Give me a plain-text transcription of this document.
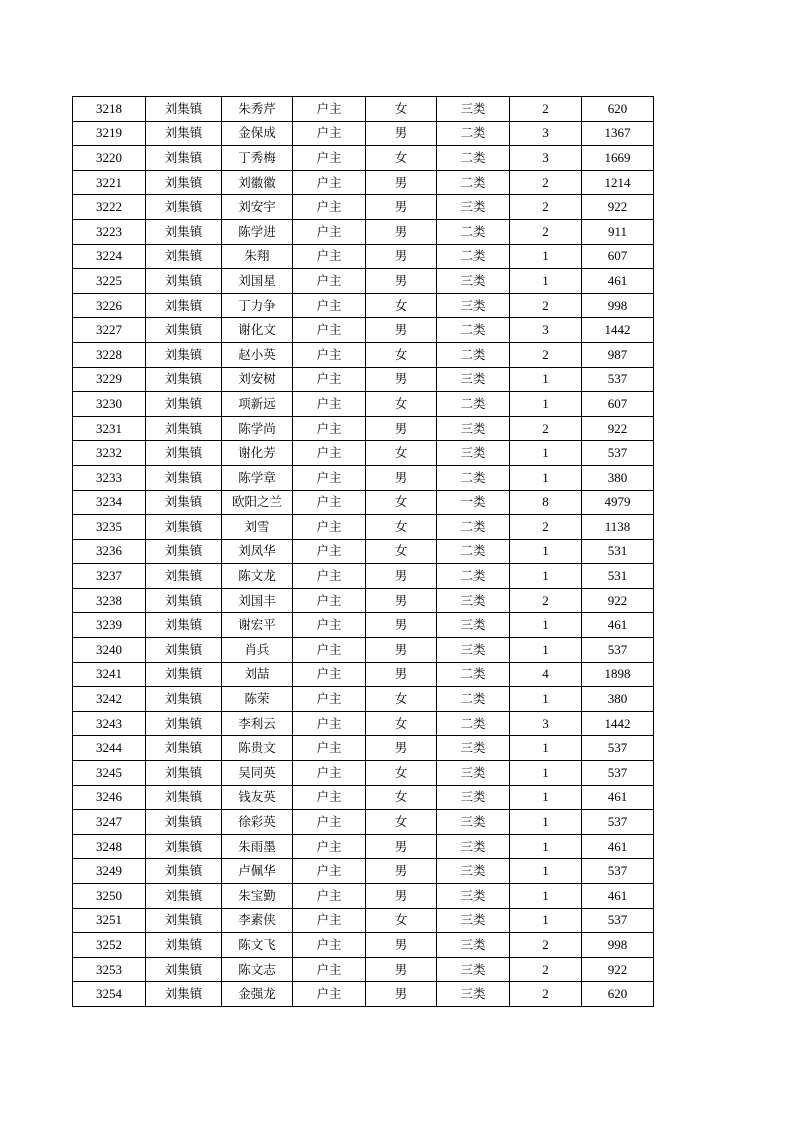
3218	刘集镇	朱秀芹	户主	女	三类	2	620
3219	刘集镇	金保成	户主	男	二类	3	1367
3220	刘集镇	丁秀梅	户主	女	二类	3	1669
3221	刘集镇	刘徽徽	户主	男	二类	2	1214
3222	刘集镇	刘安宇	户主	男	三类	2	922
3223	刘集镇	陈学进	户主	男	二类	2	911
3224	刘集镇	朱翔	户主	男	二类	1	607
3225	刘集镇	刘国星	户主	男	三类	1	461
3226	刘集镇	丁力争	户主	女	三类	2	998
3227	刘集镇	谢化文	户主	男	二类	3	1442
3228	刘集镇	赵小英	户主	女	二类	2	987
3229	刘集镇	刘安树	户主	男	三类	1	537
3230	刘集镇	项新远	户主	女	二类	1	607
3231	刘集镇	陈学尚	户主	男	三类	2	922
3232	刘集镇	谢化芳	户主	女	三类	1	537
3233	刘集镇	陈学章	户主	男	二类	1	380
3234	刘集镇	欧阳之兰	户主	女	一类	8	4979
3235	刘集镇	刘雪	户主	女	二类	2	1138
3236	刘集镇	刘凤华	户主	女	二类	1	531
3237	刘集镇	陈文龙	户主	男	二类	1	531
3238	刘集镇	刘国丰	户主	男	三类	2	922
3239	刘集镇	谢宏平	户主	男	三类	1	461
3240	刘集镇	肖兵	户主	男	三类	1	537
3241	刘集镇	刘喆	户主	男	二类	4	1898
3242	刘集镇	陈荣	户主	女	二类	1	380
3243	刘集镇	李利云	户主	女	二类	3	1442
3244	刘集镇	陈贵文	户主	男	三类	1	537
3245	刘集镇	吴同英	户主	女	三类	1	537
3246	刘集镇	钱友英	户主	女	三类	1	461
3247	刘集镇	徐彩英	户主	女	三类	1	537
3248	刘集镇	朱雨墨	户主	男	三类	1	461
3249	刘集镇	卢佩华	户主	男	三类	1	537
3250	刘集镇	朱宝勤	户主	男	三类	1	461
3251	刘集镇	李素侠	户主	女	三类	1	537
3252	刘集镇	陈文飞	户主	男	三类	2	998
3253	刘集镇	陈文志	户主	男	三类	2	922
3254	刘集镇	金强龙	户主	男	三类	2	620
